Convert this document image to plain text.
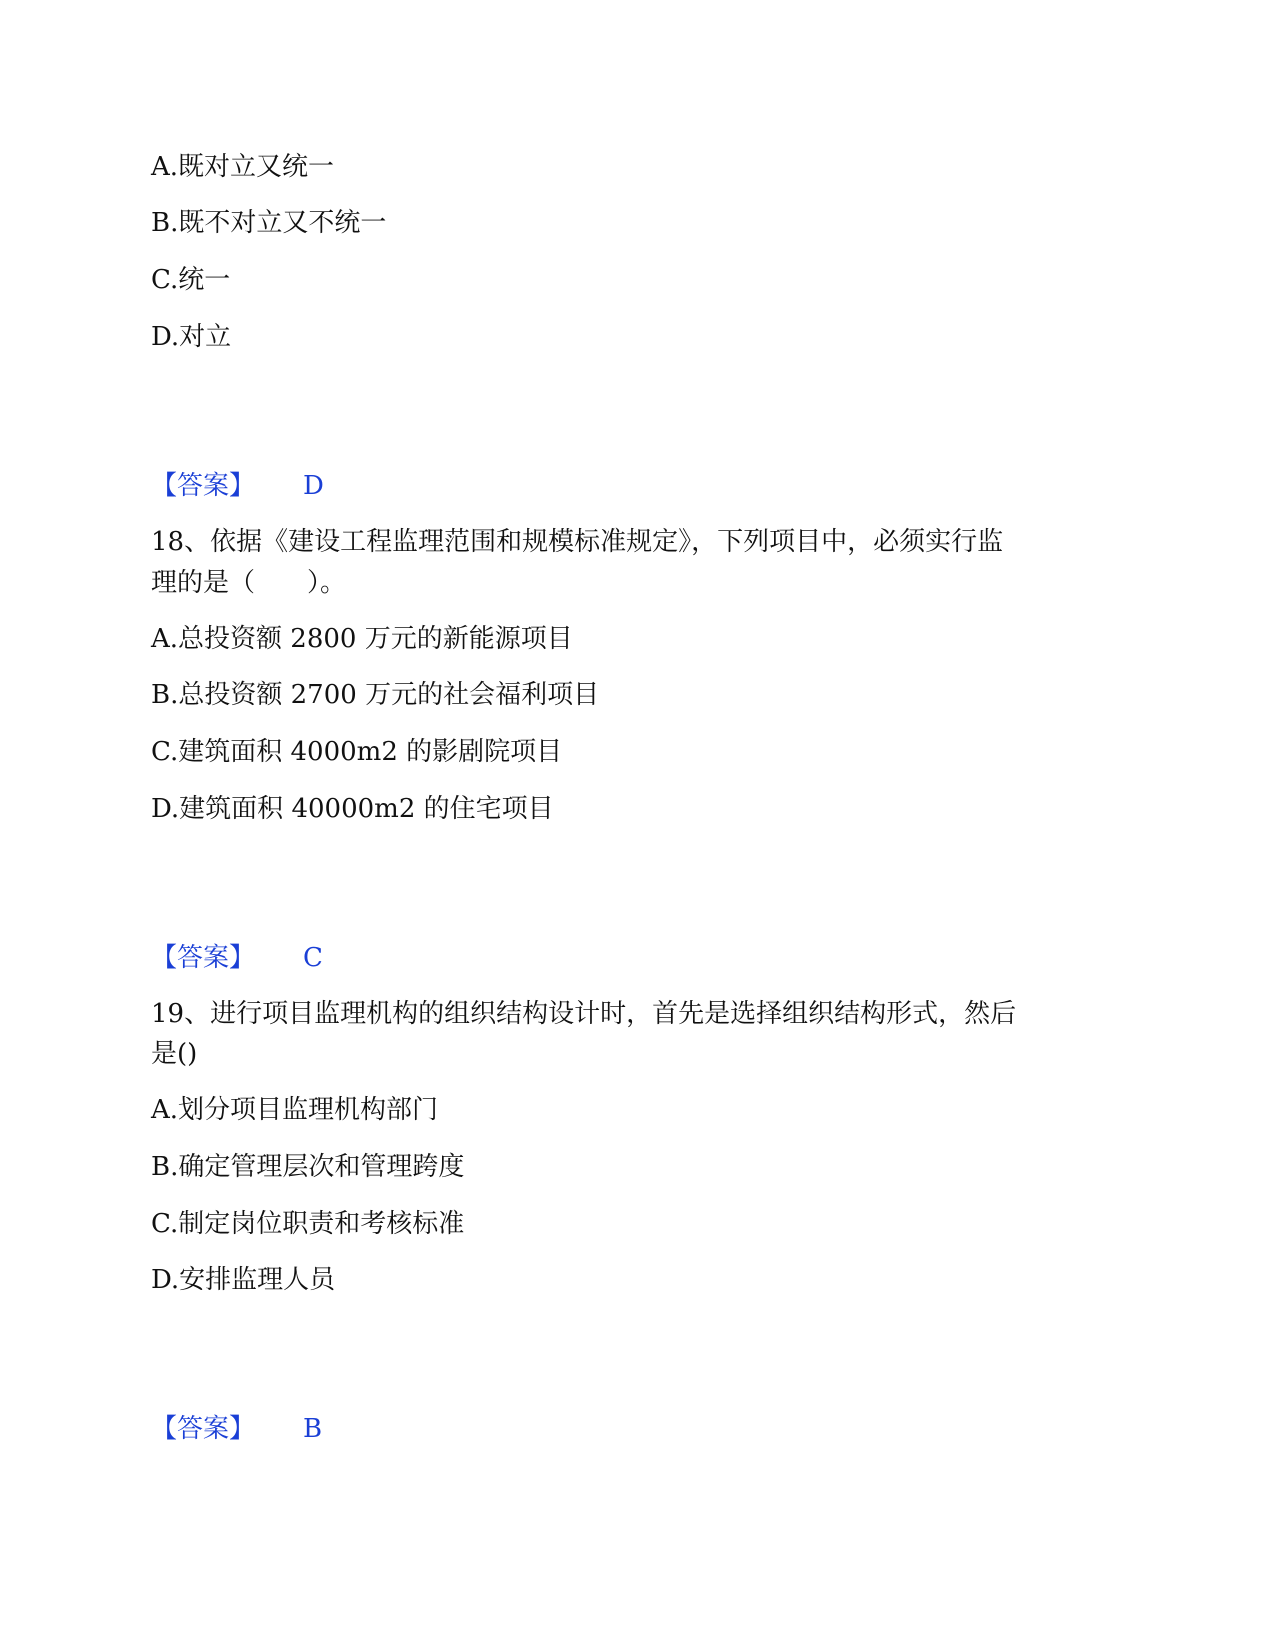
A.既对立又统一
B.既不对立又不统一
C.统一
D.对立
【答案】 D
18、依据《建设工程监理范围和规模标准规定》，下列项目中，必须实行监
理的是（　　）。
A.总投资额 2800 万元的新能源项目
B.总投资额 2700 万元的社会福利项目
C.建筑面积 4000m2 的影剧院项目
D.建筑面积 40000m2 的住宅项目
【答案】 C
19、进行项目监理机构的组织结构设计时，首先是选择组织结构形式，然后
是()
A.划分项目监理机构部门
B.确定管理层次和管理跨度
C.制定岗位职责和考核标准
D.安排监理人员
【答案】 B
